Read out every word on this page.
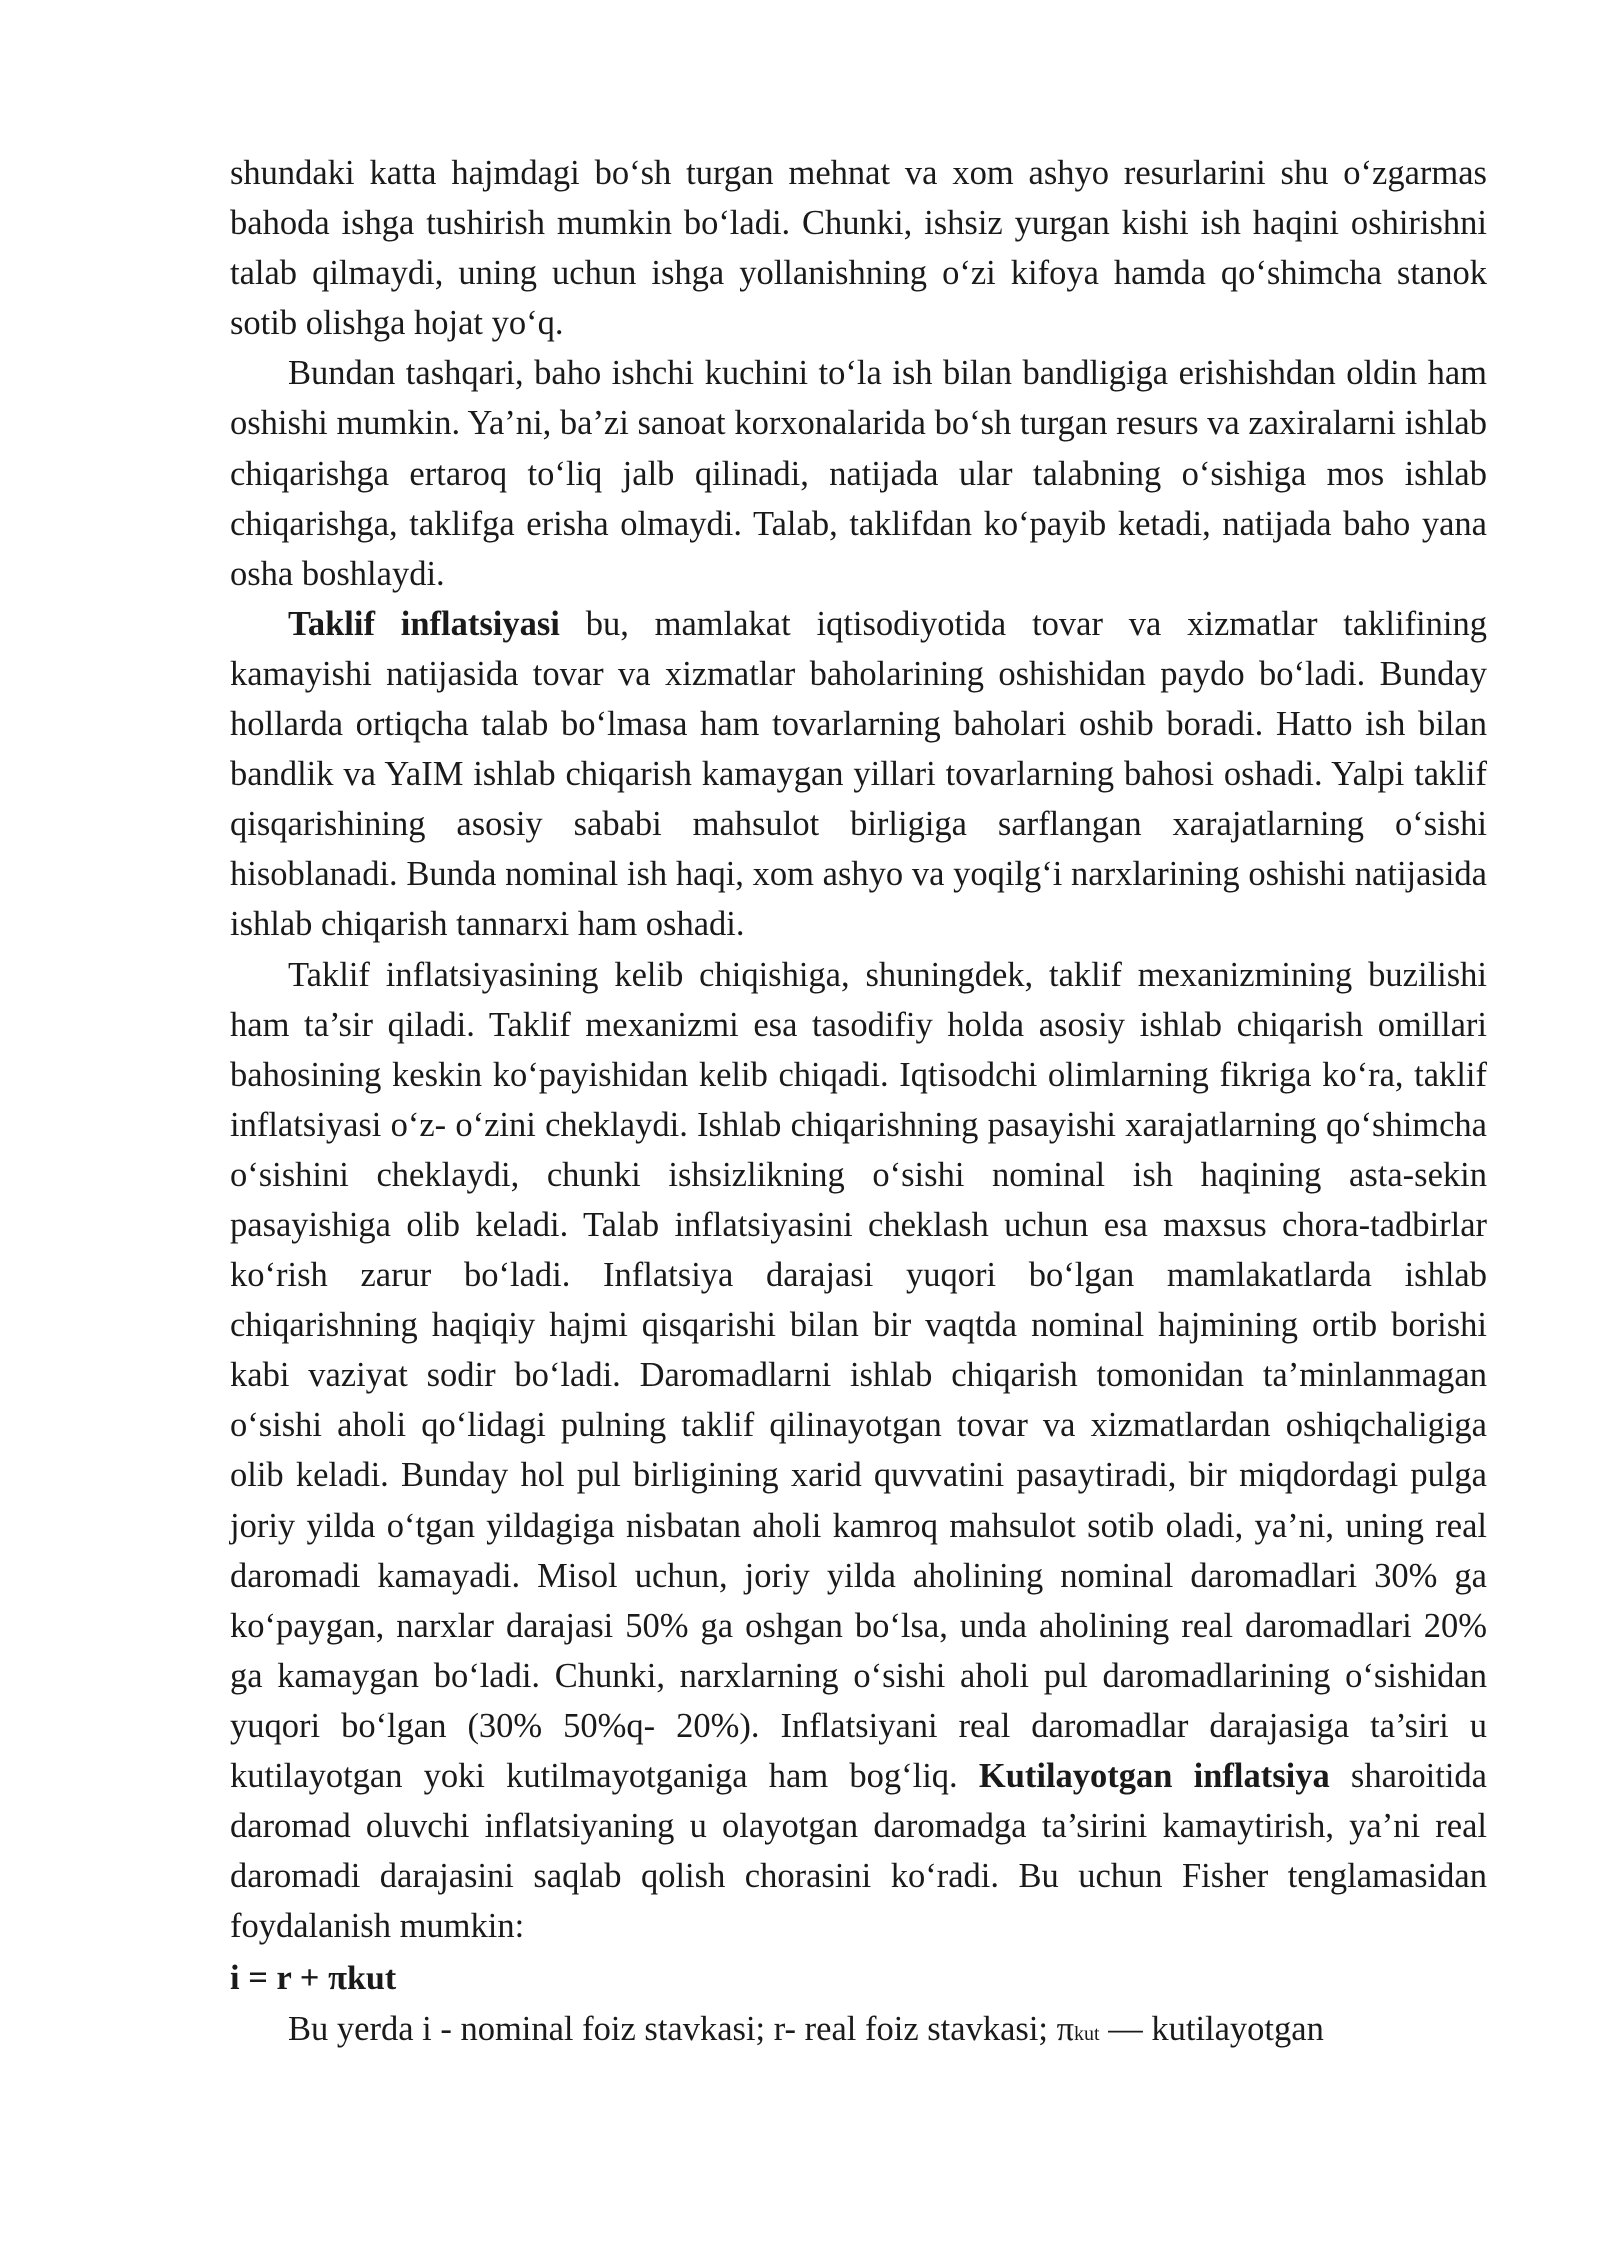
shundaki katta hajmdagi bo‘sh turgan mehnat va xom ashyo resurlarini shu o‘zgarmas bahoda ishga tushirish mumkin bo‘ladi. Chunki, ishsiz yurgan kishi ish haqini oshirishni talab qilmaydi, uning uchun ishga yollanishning o‘zi kifoya hamda qo‘shimcha stanok sotib olishga hojat yo‘q.

Bundan tashqari, baho ishchi kuchini to‘la ish bilan bandligiga erishishdan oldin ham oshishi mumkin. Ya’ni, ba’zi sanoat korxonalarida bo‘sh turgan resurs va zaxiralarni ishlab chiqarishga ertaroq to‘liq jalb qilinadi, natijada ular talabning o‘sishiga mos ishlab chiqarishga, taklifga erisha olmaydi. Talab, taklifdan ko‘payib ketadi, natijada baho yana osha boshlaydi.

Taklif inflatsiyasi bu, mamlakat iqtisodiyotida tovar va xizmatlar taklifining kamayishi natijasida tovar va xizmatlar baholarining oshishidan paydo bo‘ladi. Bunday hollarda ortiqcha talab bo‘lmasa ham tovarlarning baholari oshib boradi. Hatto ish bilan bandlik va YaIM ishlab chiqarish kamaygan yillari tovarlarning bahosi oshadi. Yalpi taklif qisqarishining asosiy sababi mahsulot birligiga sarflangan xarajatlarning o‘sishi hisoblanadi. Bunda nominal ish haqi, xom ashyo va yoqilg‘i narxlarining oshishi natijasida ishlab chiqarish tannarxi ham oshadi.

Taklif inflatsiyasining kelib chiqishiga, shuningdek, taklif mexanizmining buzilishi ham ta’sir qiladi. Taklif mexanizmi esa tasodifiy holda asosiy ishlab chiqarish omillari bahosining keskin ko‘payishidan kelib chiqadi. Iqtisodchi olimlarning fikriga ko‘ra, taklif inflatsiyasi o‘z- o‘zini cheklaydi. Ishlab chiqarishning pasayishi xarajatlarning qo‘shimcha o‘sishini cheklaydi, chunki ishsizlikning o‘sishi nominal ish haqining asta-sekin pasayishiga olib keladi. Talab inflatsiyasini cheklash uchun esa maxsus chora-tadbirlar ko‘rish zarur bo‘ladi. Inflatsiya darajasi yuqori bo‘lgan mamlakatlarda ishlab chiqarishning haqiqiy hajmi qisqarishi bilan bir vaqtda nominal hajmining ortib borishi kabi vaziyat sodir bo‘ladi. Daromadlarni ishlab chiqarish tomonidan ta’minlanmagan o‘sishi aholi qo‘lidagi pulning taklif qilinayotgan tovar va xizmatlardan oshiqchaligiga olib keladi. Bunday hol pul birligining xarid quvvatini pasaytiradi, bir miqdordagi pulga joriy yilda o‘tgan yildagiga nisbatan aholi kamroq mahsulot sotib oladi, ya’ni, uning real daromadi kamayadi. Misol uchun, joriy yilda aholining nominal daromadlari 30% ga ko‘paygan, narxlar darajasi 50% ga oshgan bo‘lsa, unda aholining real daromadlari 20% ga kamaygan bo‘ladi. Chunki, narxlarning o‘sishi aholi pul daromadlarining o‘sishidan yuqori bo‘lgan (30% 50%q- 20%). Inflatsiyani real daromadlar darajasiga ta’siri u kutilayotgan yoki kutilmayotganiga ham bog‘liq. Kutilayotgan inflatsiya sharoitida daromad oluvchi inflatsiyaning u olayotgan daromadga ta’sirini kamaytirish, ya’ni real daromadi darajasini saqlab qolish chorasini ko‘radi. Bu uchun Fisher tenglamasidan foydalanish mumkin:

i = r + πkut

Bu yerda i - nominal foiz stavkasi; r- real foiz stavkasi; πkut — kutilayotgan
